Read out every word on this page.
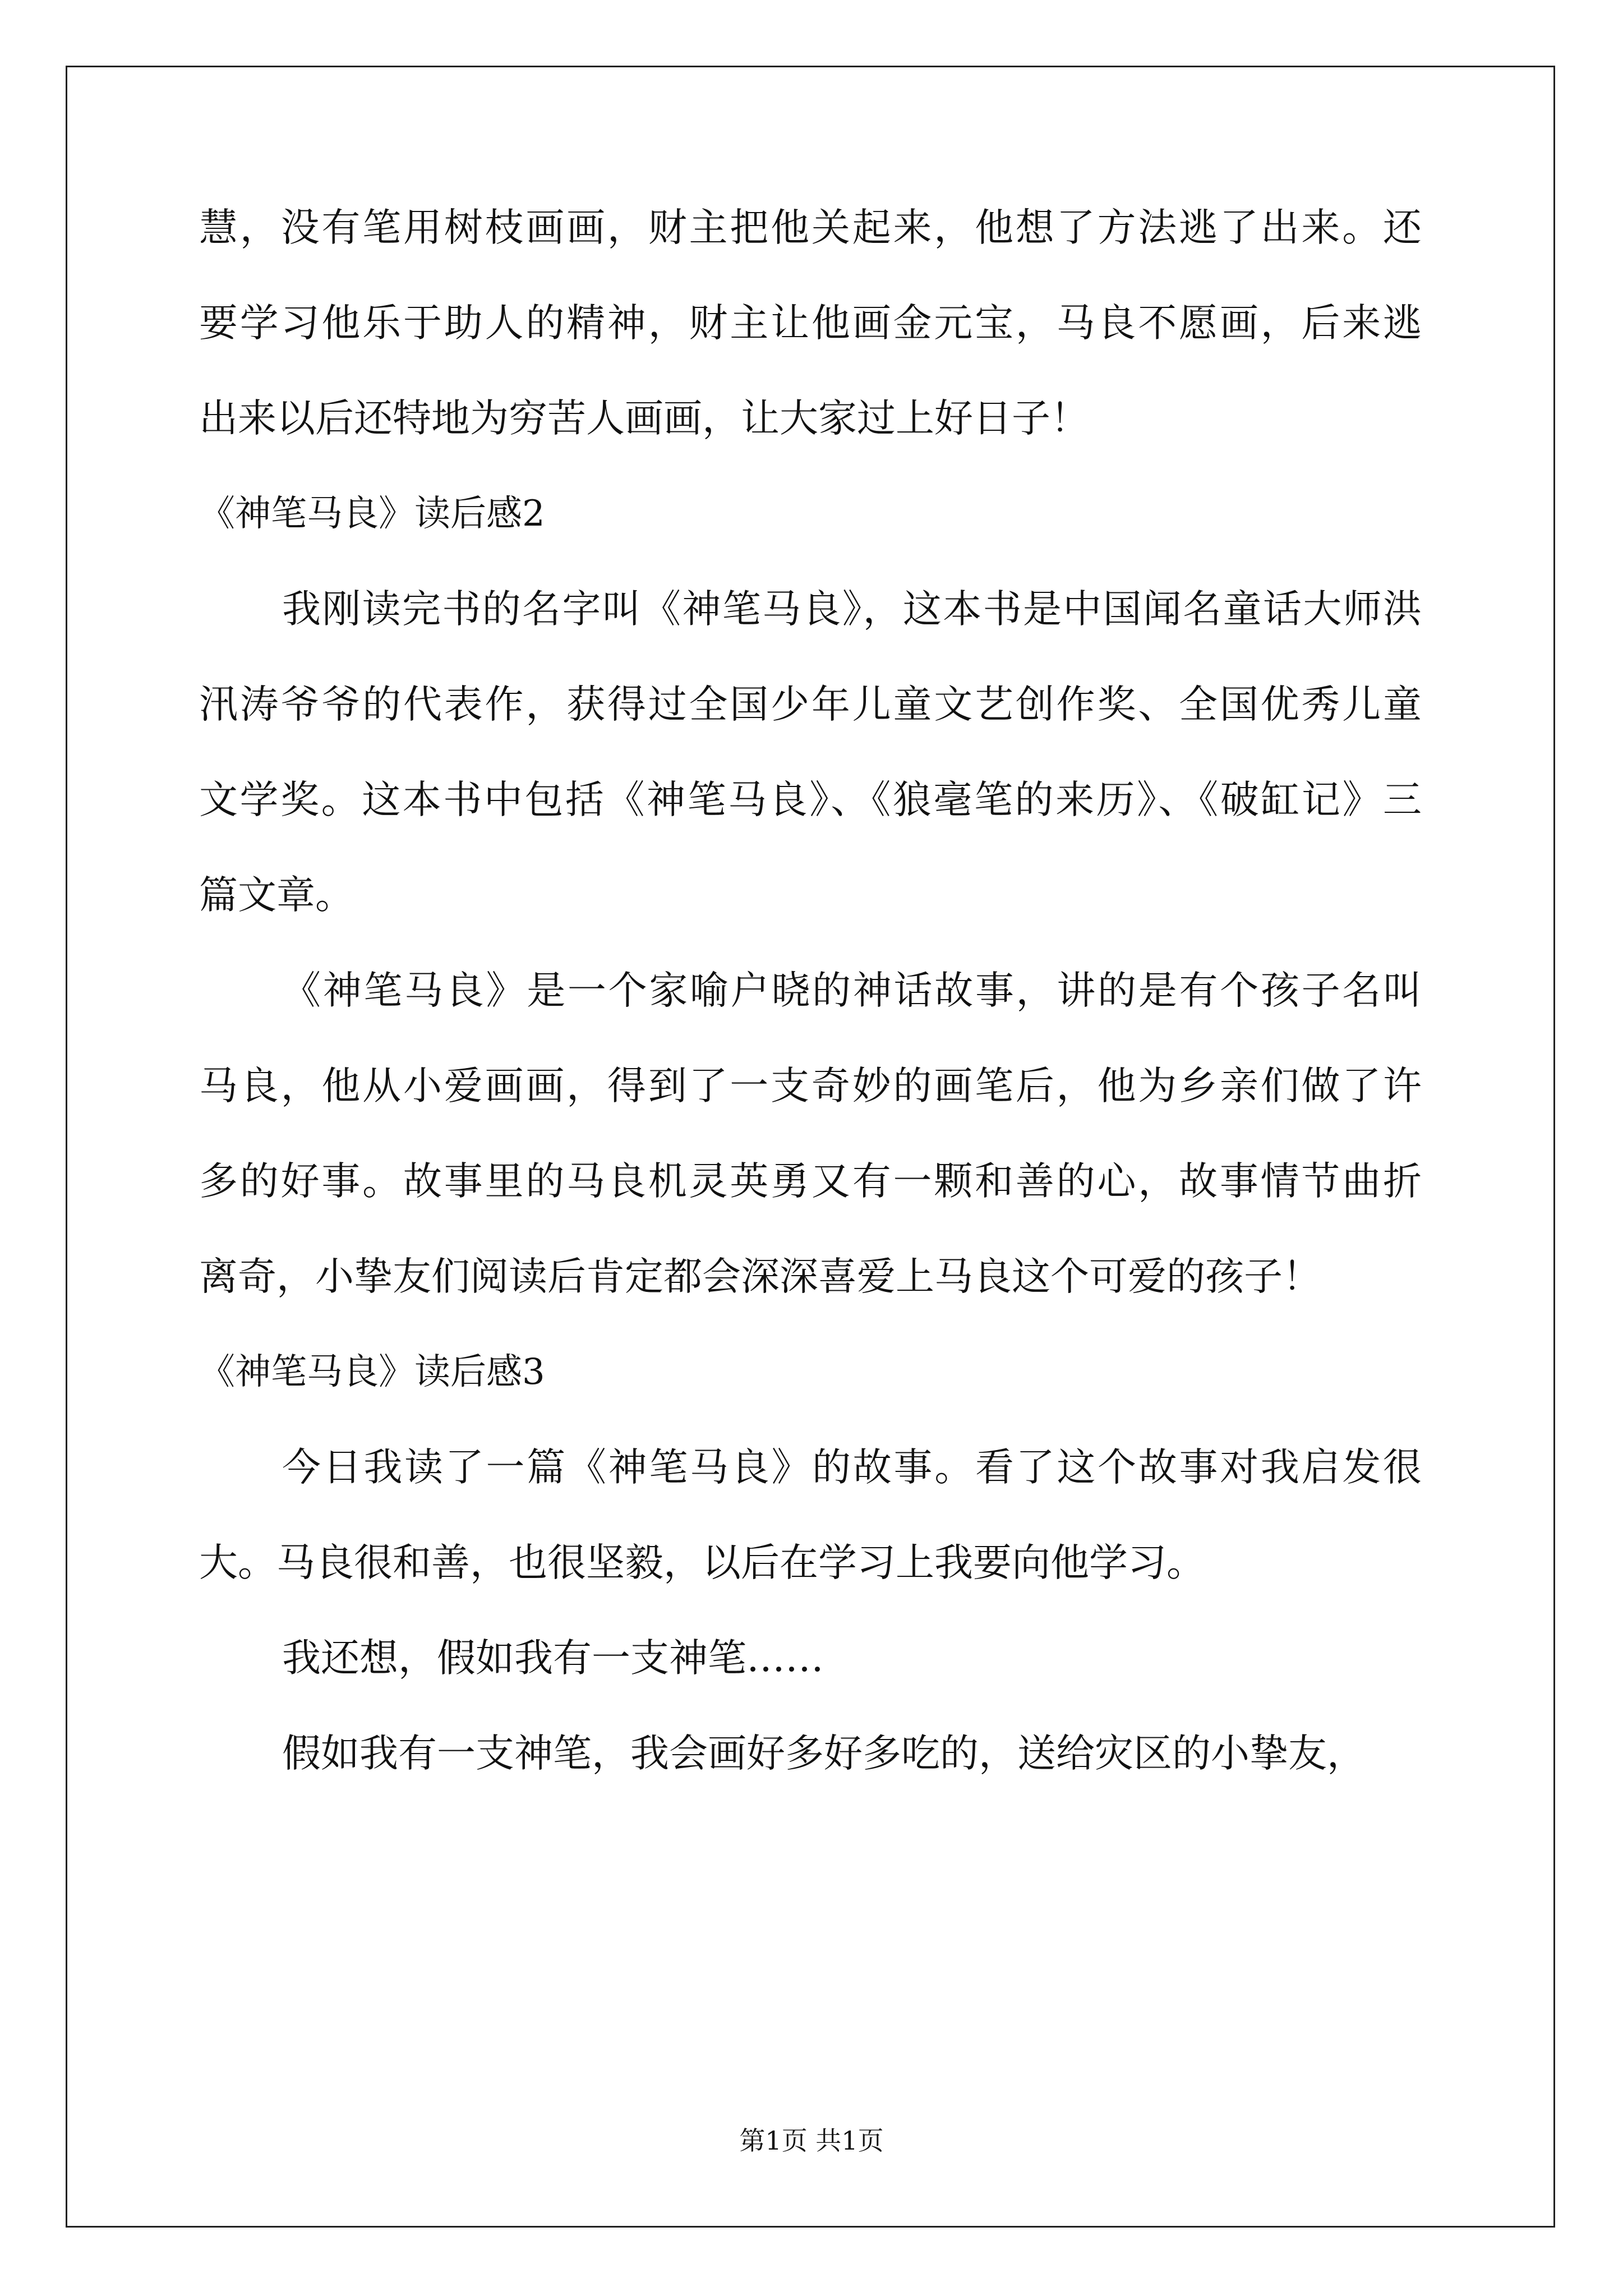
慧，没有笔用树枝画画，财主把他关起来，他想了方法逃了出来。还

要学习他乐于助人的精神，财主让他画金元宝，马良不愿画，后来逃

出来以后还特地为穷苦人画画，让大家过上好日子！

《神笔马良》读后感2

我刚读完书的名字叫《神笔马良》，这本书是中国闻名童话大师洪

汛涛爷爷的代表作，获得过全国少年儿童文艺创作奖、全国优秀儿童

文学奖。这本书中包括《神笔马良》、《狼毫笔的来历》、《破缸记》三

篇文章。

《神笔马良》是一个家喻户晓的神话故事，讲的是有个孩子名叫

马良，他从小爱画画，得到了一支奇妙的画笔后，他为乡亲们做了许

多的好事。故事里的马良机灵英勇又有一颗和善的心，故事情节曲折

离奇，小挚友们阅读后肯定都会深深喜爱上马良这个可爱的孩子！

《神笔马良》读后感3

今日我读了一篇《神笔马良》的故事。看了这个故事对我启发很

大。马良很和善，也很坚毅，以后在学习上我要向他学习。

我还想，假如我有一支神笔……

假如我有一支神笔，我会画好多好多吃的，送给灾区的小挚友，

第1页 共1页
